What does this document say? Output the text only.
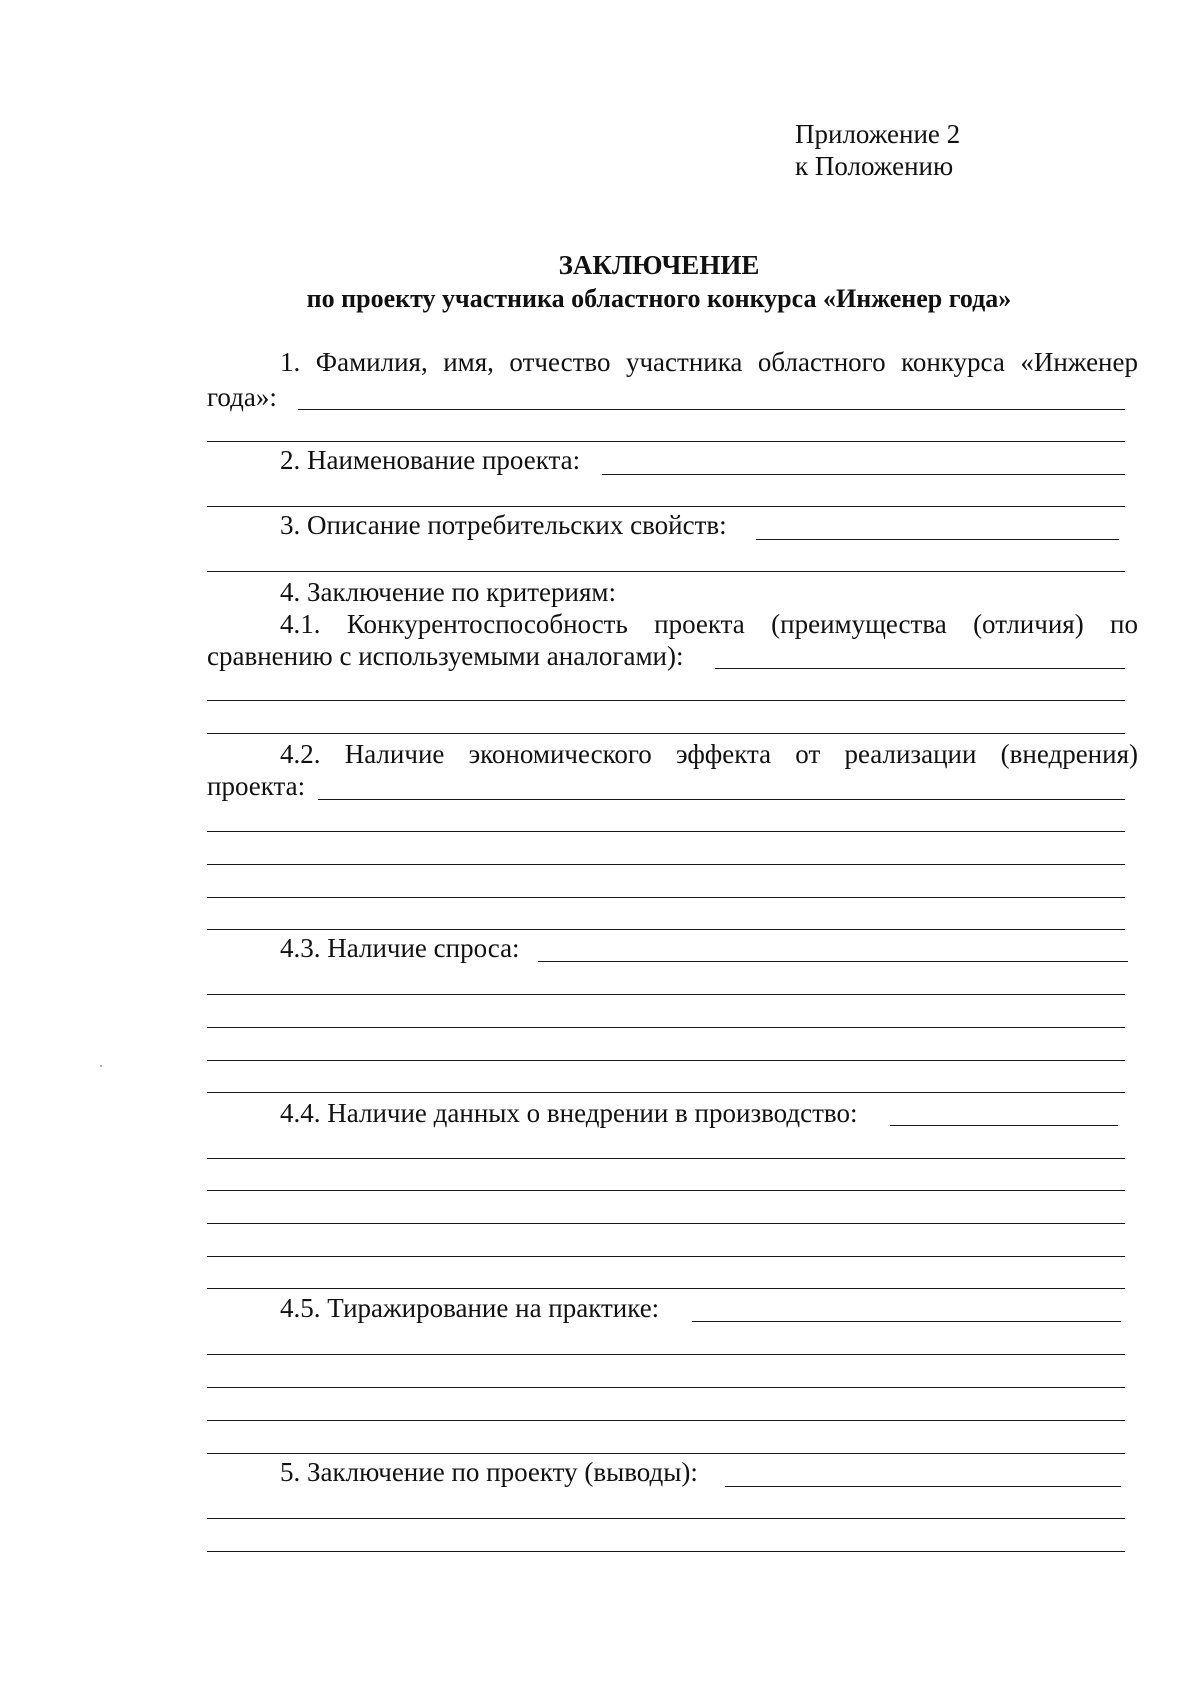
Приложение 2
к Положению
ЗАКЛЮЧЕНИЕ
по проекту участника областного конкурса «Инженер года»
1. Фамилия, имя, отчество участника областного конкурса «Инженер
года»:
2. Наименование проекта:
3. Описание потребительских свойств:
4. Заключение по критериям:
4.1. Конкурентоспособность проекта (преимущества (отличия) по
сравнению с используемыми аналогами):
4.2. Наличие экономического эффекта от реализации (внедрения)
проекта:
4.3. Наличие спроса:
4.4. Наличие данных о внедрении в производство:
4.5. Тиражирование на практике:
5. Заключение по проекту (выводы):
